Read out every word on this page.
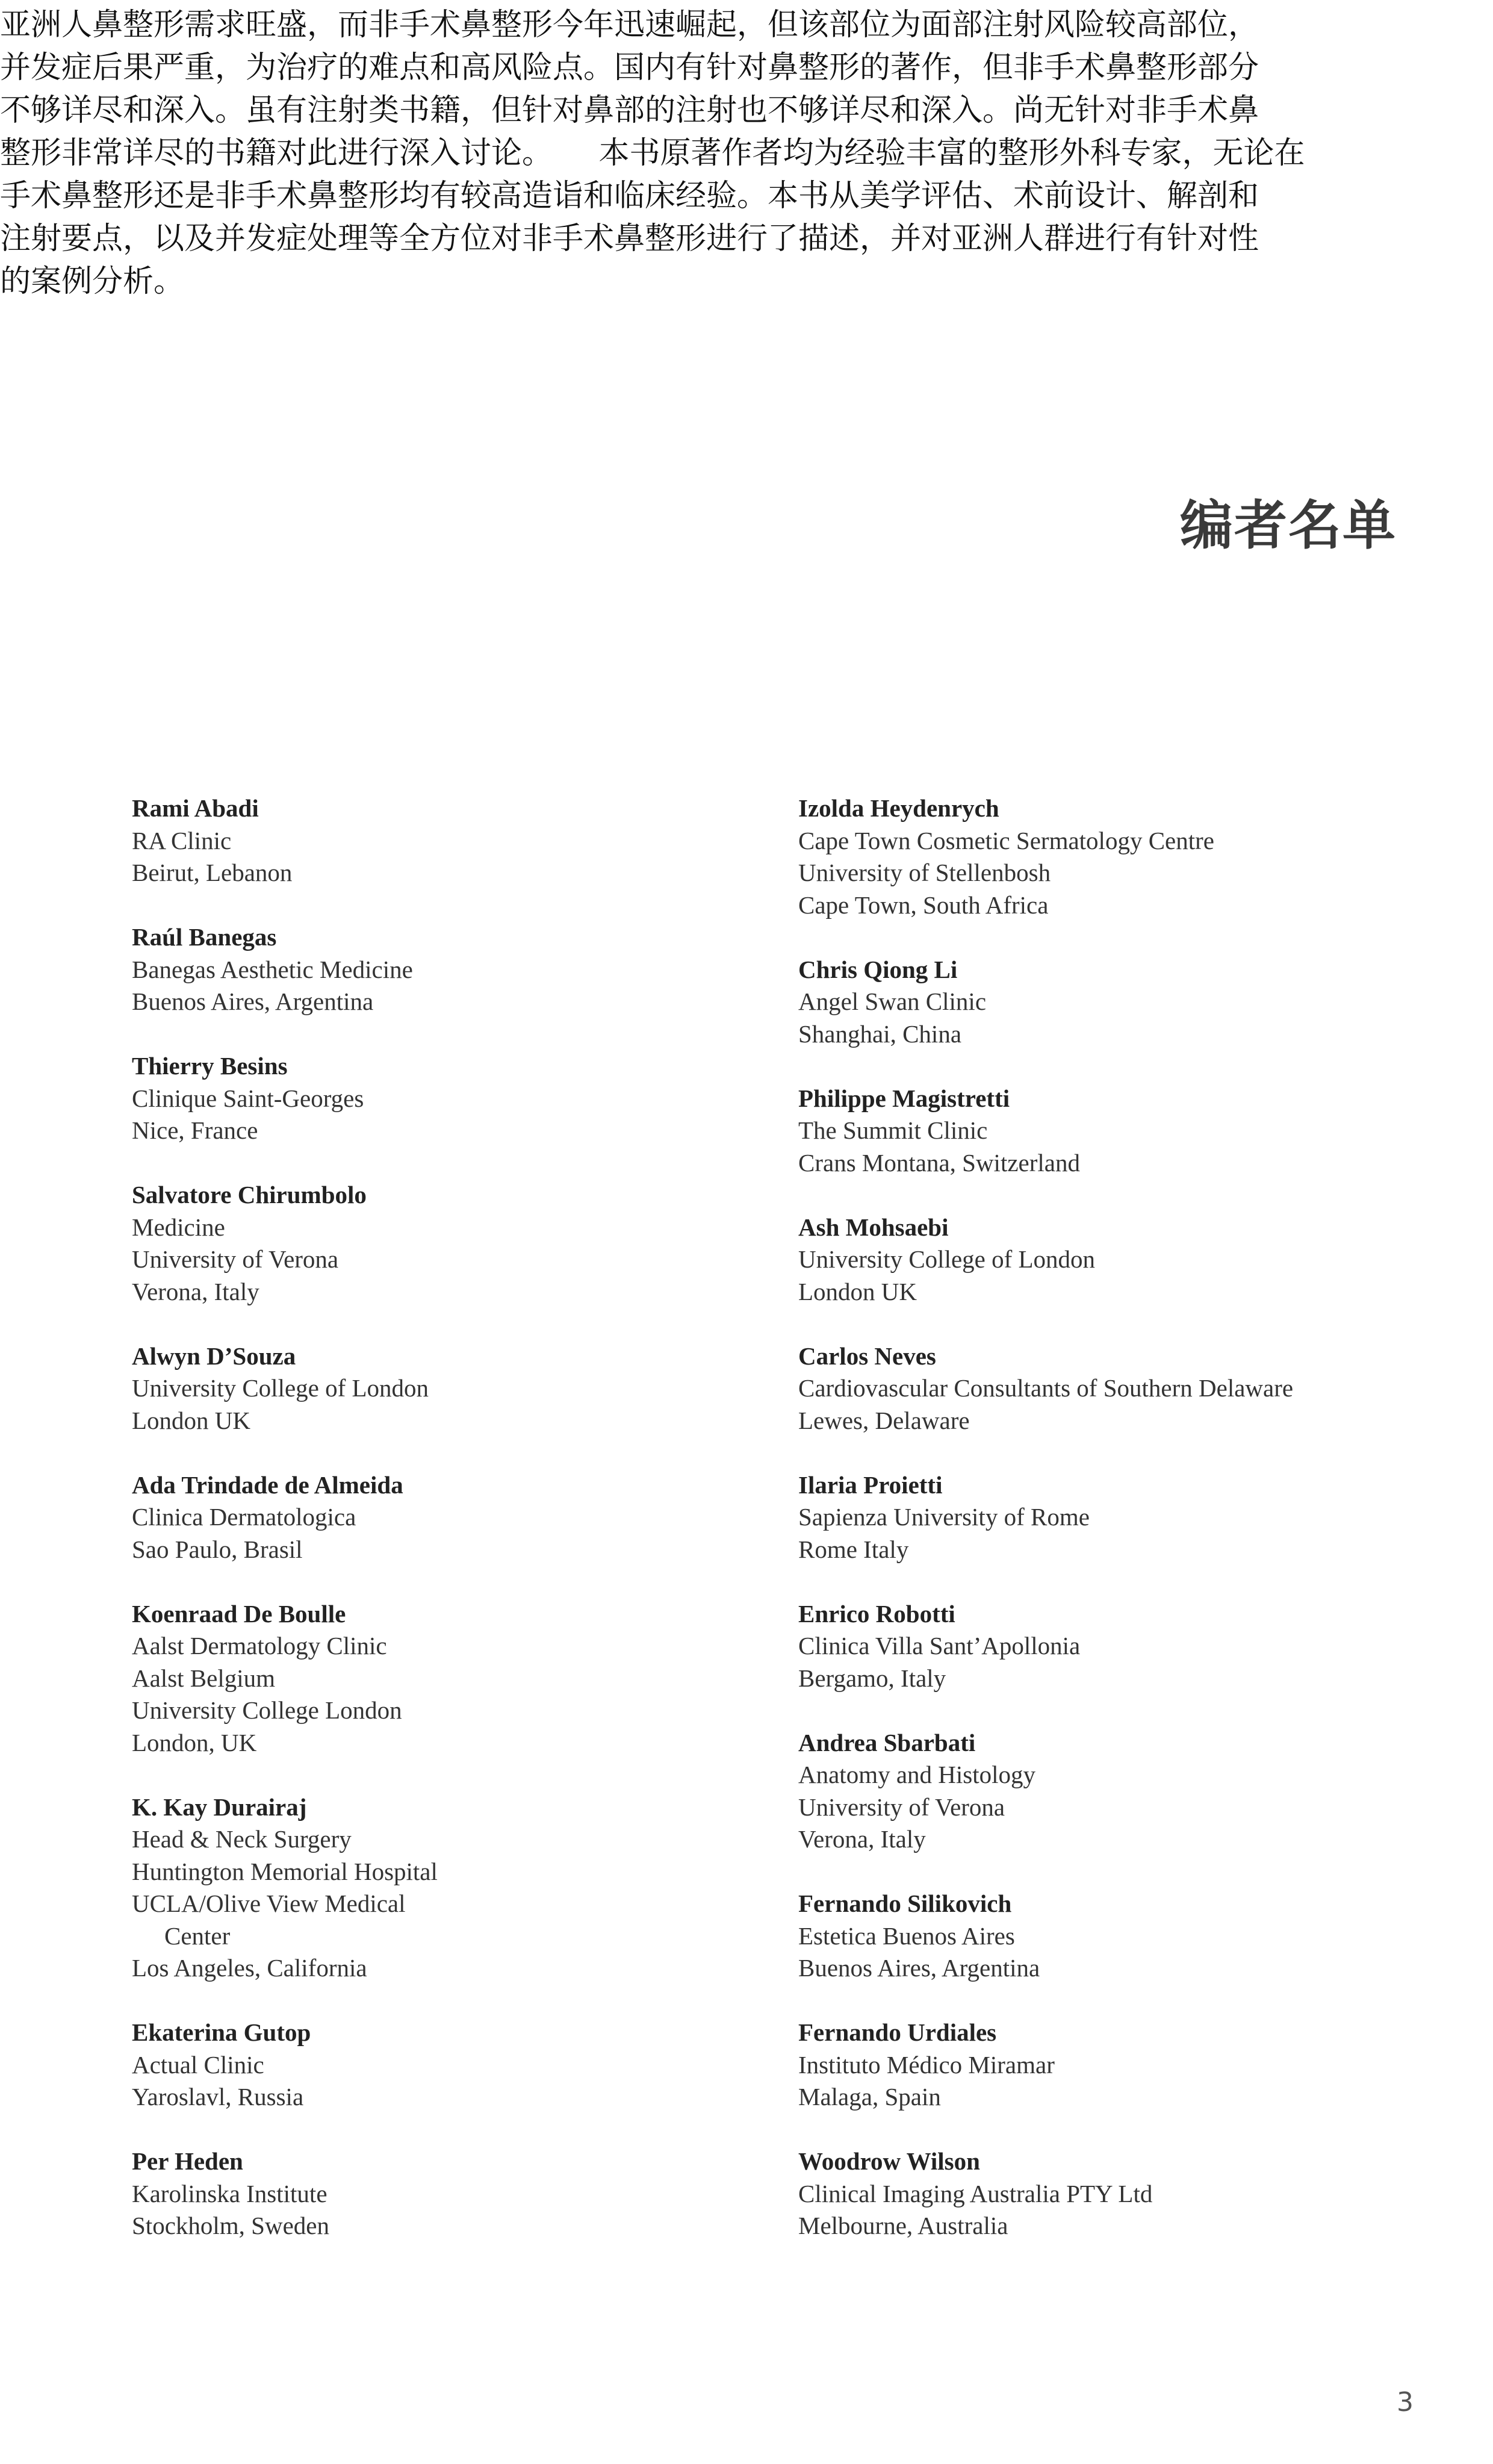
亚洲人鼻整形需求旺盛，而非手术鼻整形今年迅速崛起，但该部位为面部注射风险较高部位，
并发症后果严重，为治疗的难点和高风险点。国内有针对鼻整形的著作，但非手术鼻整形部分
不够详尽和深入。虽有注射类书籍，但针对鼻部的注射也不够详尽和深入。尚无针对非手术鼻
整形非常详尽的书籍对此进行深入讨论。　　本书原著作者均为经验丰富的整形外科专家，无论在
手术鼻整形还是非手术鼻整形均有较高造诣和临床经验。本书从美学评估、术前设计、解剖和
注射要点，以及并发症处理等全方位对非手术鼻整形进行了描述，并对亚洲人群进行有针对性
的案例分析。

编者名单
Rami Abadi
RA Clinic
Beirut, Lebanon
Raúl Banegas
Banegas Aesthetic Medicine
Buenos Aires, Argentina
Thierry Besins
Clinique Saint-Georges
Nice, France
Salvatore Chirumbolo
Medicine
University of Verona
Verona, Italy
Alwyn D’Souza
University College of London
London UK
Ada Trindade de Almeida
Clinica Dermatologica
Sao Paulo, Brasil
Koenraad De Boulle
Aalst Dermatology Clinic
Aalst Belgium
University College London
London, UK
K. Kay Durairaj
Head & Neck Surgery
Huntington Memorial Hospital
UCLA/Olive View Medical
Center
Los Angeles, California
Ekaterina Gutop
Actual Clinic
Yaroslavl, Russia
Per Heden
Karolinska Institute
Stockholm, Sweden
Izolda Heydenrych
Cape Town Cosmetic Sermatology Centre
University of Stellenbosh
Cape Town, South Africa
Chris Qiong Li
Angel Swan Clinic
Shanghai, China
Philippe Magistretti
The Summit Clinic
Crans Montana, Switzerland
Ash Mohsaebi
University College of London
London UK
Carlos Neves
Cardiovascular Consultants of Southern Delaware
Lewes, Delaware
Ilaria Proietti
Sapienza University of Rome
Rome Italy
Enrico Robotti
Clinica Villa Sant’Apollonia
Bergamo, Italy
Andrea Sbarbati
Anatomy and Histology
University of Verona
Verona, Italy
Fernando Silikovich
Estetica Buenos Aires
Buenos Aires, Argentina
Fernando Urdiales
Instituto Médico Miramar
Malaga, Spain
Woodrow Wilson
Clinical Imaging Australia PTY Ltd
Melbourne, Australia
3
